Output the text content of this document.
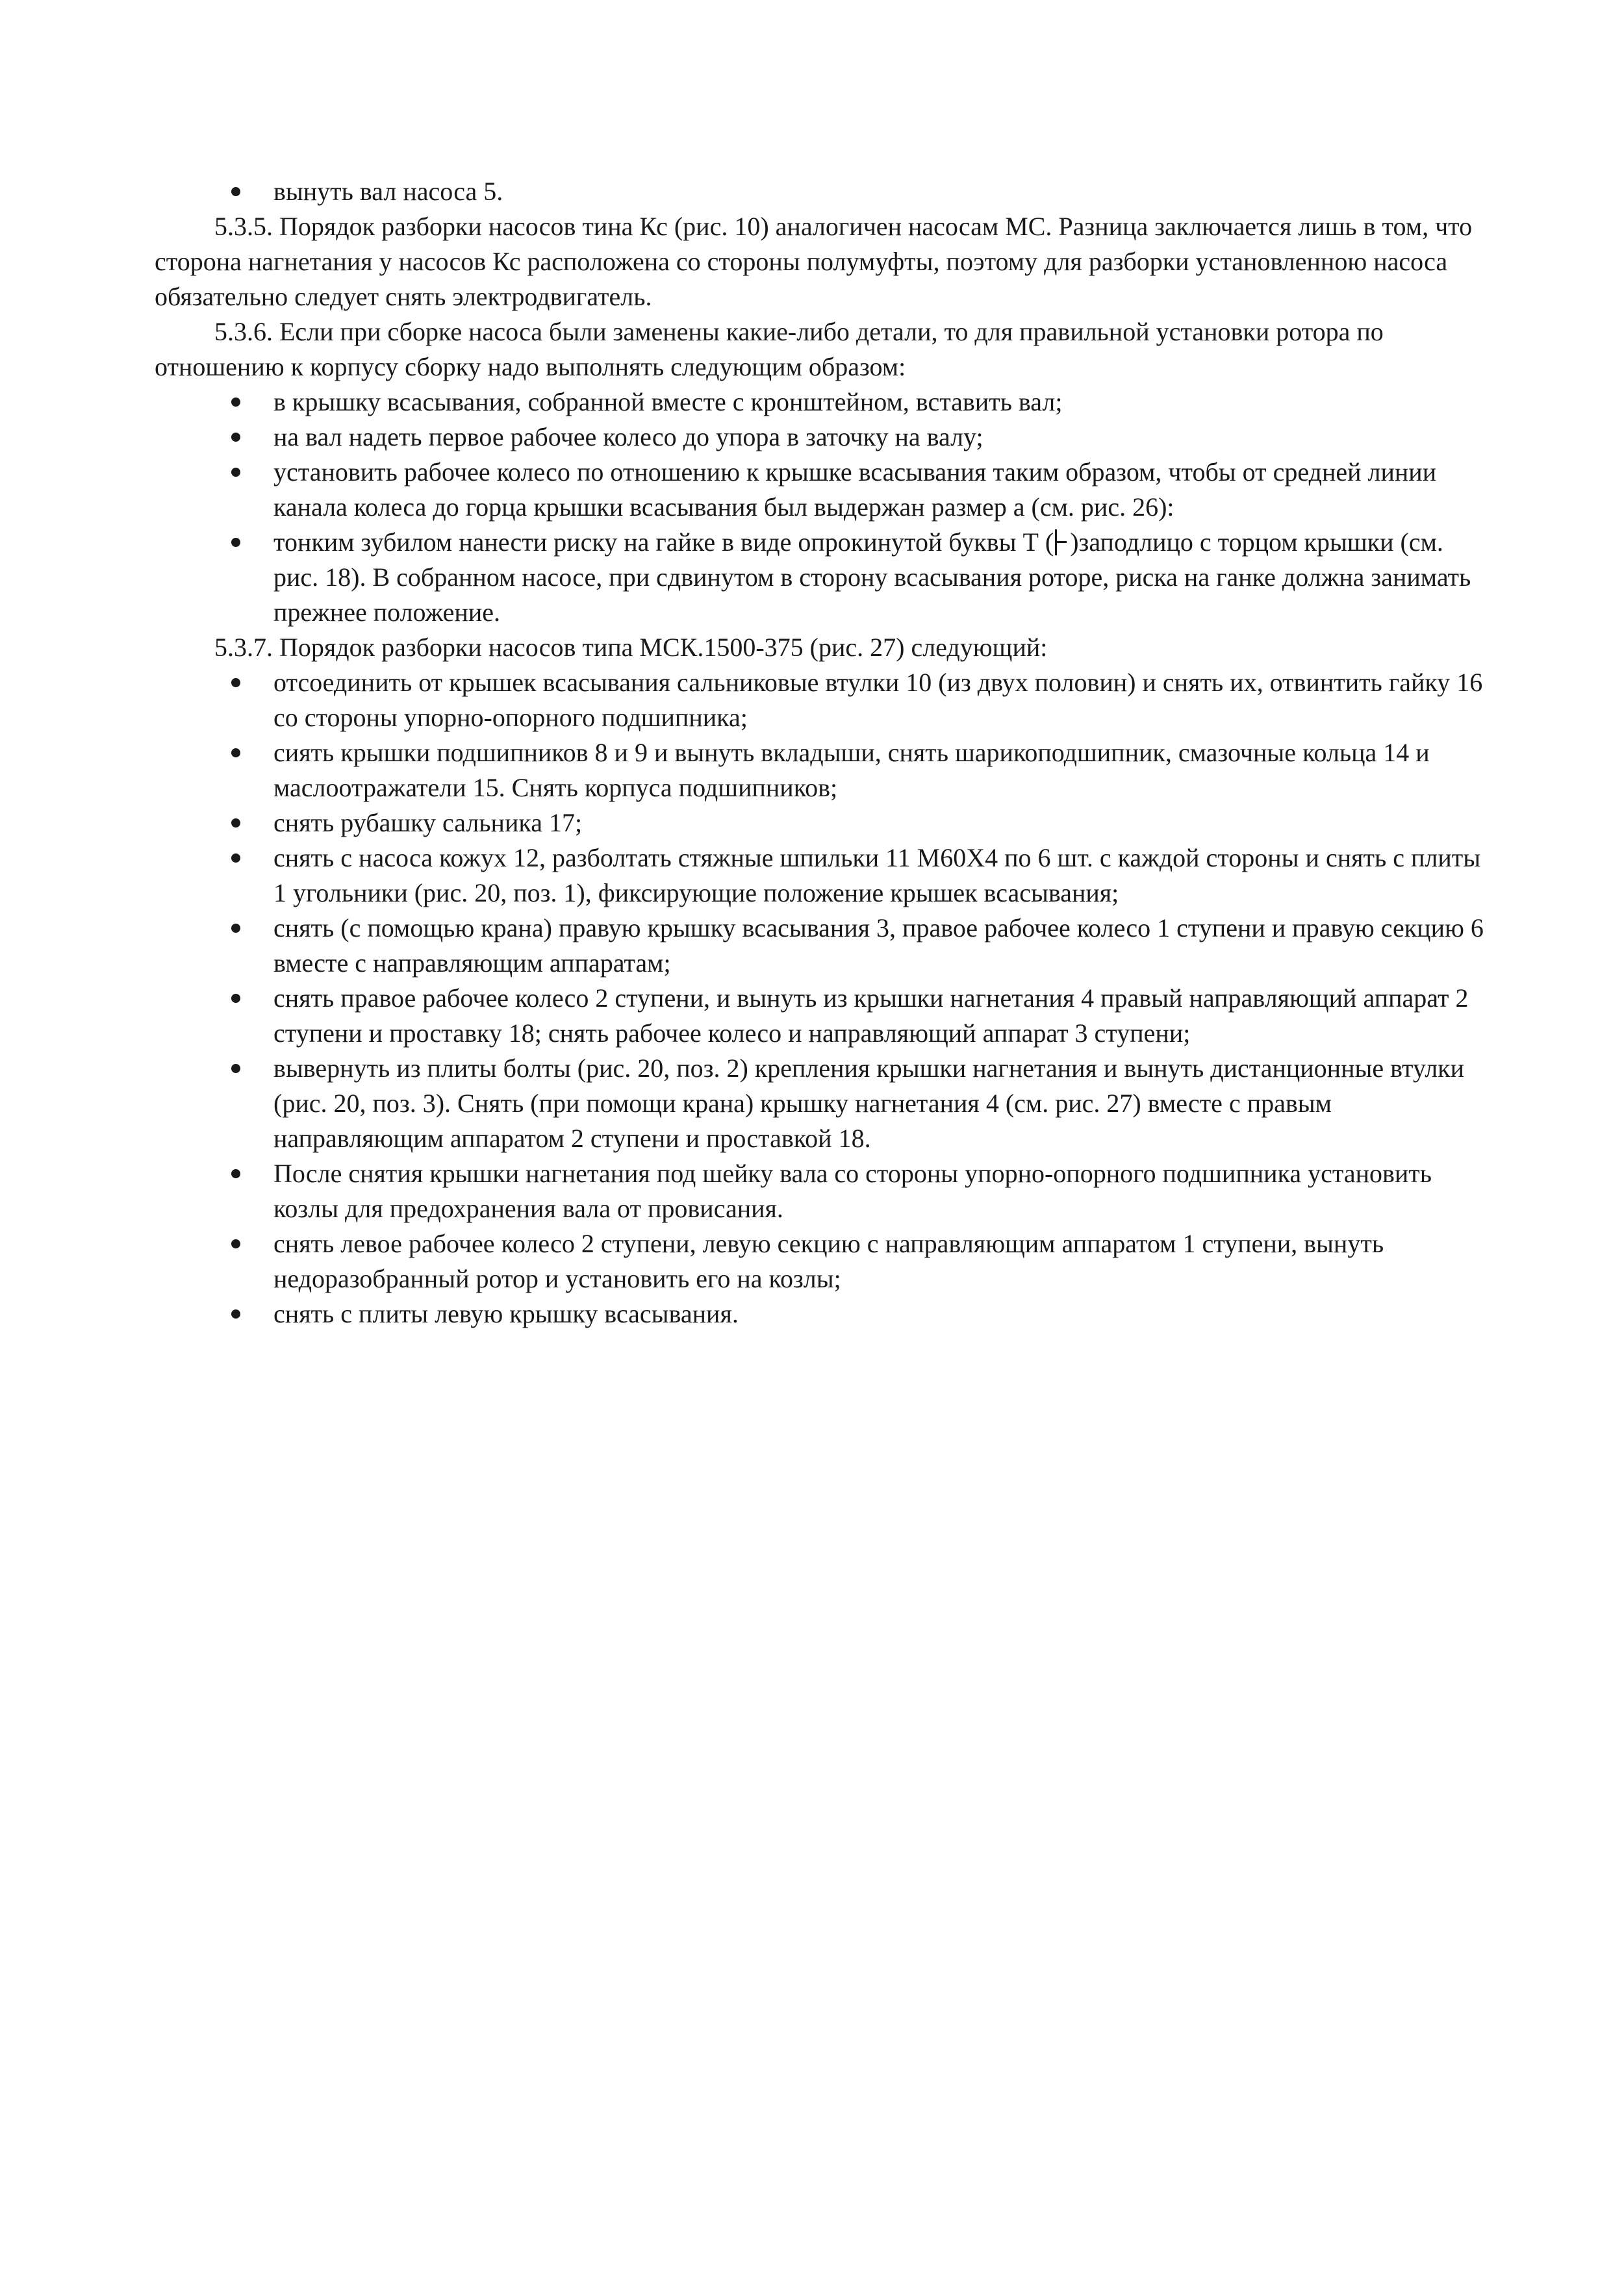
вынуть вал насоса 5.

5.3.5. Порядок разборки насосов тина Кс (рис. 10) аналогичен насосам МС. Разница заключается лишь в том, что сторона нагнетания у насосов Кс расположена со стороны полумуфты, поэтому для разборки установленною насоса обязательно следует снять электродвигатель.

5.3.6. Если при сборке насоса были заменены какие-либо детали, то для правильной установки ротора по отношению к корпусу сборку надо выполнять следующим образом:

в крышку всасывания, собранной вместе с кронштейном, вставить вал;

на вал надеть первое рабочее колесо до упора в заточку на валу;

установить рабочее колесо по отношению к крышке всасывания таким образом, чтобы от средней линии канала колеса до горца крышки всасывания был выдержан размер а (см. рис. 26):

тонким зубилом нанести риску на гайке в виде опрокинутой буквы Т ( )заподлицо с торцом крышки (см. рис. 18). В собранном насосе, при сдвинутом в сторону всасывания роторе, риска на ганке должна занимать прежнее положение.

5.3.7. Порядок разборки насосов типа МСК.1500-375 (рис. 27) следующий:

отсоединить от крышек всасывания сальниковые втулки 10 (из двух половин) и снять их, отвинтить гайку 16 со стороны упорно-опорного подшипника;

сиять крышки подшипников 8 и 9 и вынуть вкладыши, снять шарикоподшипник, смазочные кольца 14 и маслоотражатели 15. Снять корпуса подшипников;

снять рубашку сальника 17;

снять с насоса кожух 12, разболтать стяжные шпильки 11 М60Х4 по 6 шт. с каждой стороны и снять с плиты 1 угольники (рис. 20, поз. 1), фиксирующие положение крышек всасывания;

снять (с помощью крана) правую крышку всасывания 3, правое рабочее колесо 1 ступени и правую секцию 6 вместе с направляющим аппаратам;

снять правое рабочее колесо 2 ступени, и вынуть из крышки нагнетания 4 правый направляющий аппарат 2 ступени и проставку 18; снять рабочее колесо и направляющий аппарат 3 ступени;

вывернуть из плиты болты (рис. 20, поз. 2) крепления крышки нагнетания и вынуть дистанционные втулки (рис. 20, поз. 3). Снять (при помощи крана) крышку нагнетания 4 (см. рис. 27) вместе с правым направляющим аппаратом 2 ступени и проставкой 18.

После снятия крышки нагнетания под шейку вала со стороны упорно-опорного подшипника установить козлы для предохранения вала от провисания.

снять левое рабочее колесо 2 ступени, левую секцию с направляющим аппаратом 1 ступени, вынуть недоразобранный ротор и установить его на козлы;

снять с плиты левую крышку всасывания.
